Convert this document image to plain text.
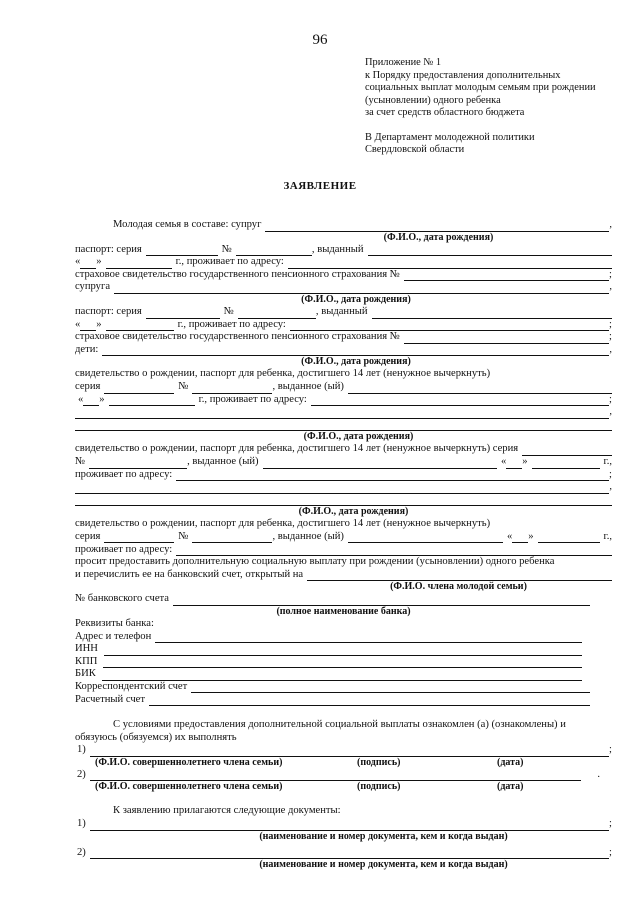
96
Приложение № 1
к Порядку предоставления дополнительных
социальных выплат молодым семьям при рождении
(усыновлении) одного ребенка
за счет средств областного бюджета
В Департамент молодежной политики
Свердловской области
ЗАЯВЛЕНИЕ
Молодая семья в составе: супруг	,
(Ф.И.О., дата рождения)
паспорт: серия	№	, выданный
« »	г., проживает по адресу:
страховое свидетельство государственного пенсионного страхования №	;
супруга	,
(Ф.И.О., дата рождения)
паспорт: серия	№	, выданный
« »	г., проживает по адресу:	;
страховое свидетельство государственного пенсионного страхования №	;
дети:	,
(Ф.И.О., дата рождения)
свидетельство о рождении, паспорт для ребенка, достигшего 14 лет (ненужное вычеркнуть)
серия	№	, выданное (ый)
« »	г., проживает по адресу:	;
,
(Ф.И.О., дата рождения)
свидетельство о рождении, паспорт для ребенка, достигшего 14 лет (ненужное вычеркнуть) серия
№	, выданное (ый)	« »	г.,
проживает по адресу:	;
,
(Ф.И.О., дата рождения)
свидетельство о рождении, паспорт для ребенка, достигшего 14 лет (ненужное вычеркнуть)
серия	№	, выданное (ый)	« »	г.,
проживает по адресу:
просит предоставить дополнительную социальную выплату при рождении (усыновлении) одного ребенка
и перечислить ее на банковский счет, открытый на
(Ф.И.О. члена молодой семьи)
№ банковского счета
(полное наименование банка)
Реквизиты банка:
Адрес и телефон
ИНН
КПП
БИК
Корреспондентский счет
Расчетный счет
С условиями предоставления дополнительной социальной выплаты ознакомлен (а) (ознакомлены) и
обязуюсь (обязуемся) их выполнять
1)	;
(Ф.И.О. совершеннолетнего члена семьи)	(подпись)	(дата)
2)	.
(Ф.И.О. совершеннолетнего члена семьи)	(подпись)	(дата)
К заявлению прилагаются следующие документы:
1)	;
(наименование и номер документа, кем и когда выдан)
2)	;
(наименование и номер документа, кем и когда выдан)
